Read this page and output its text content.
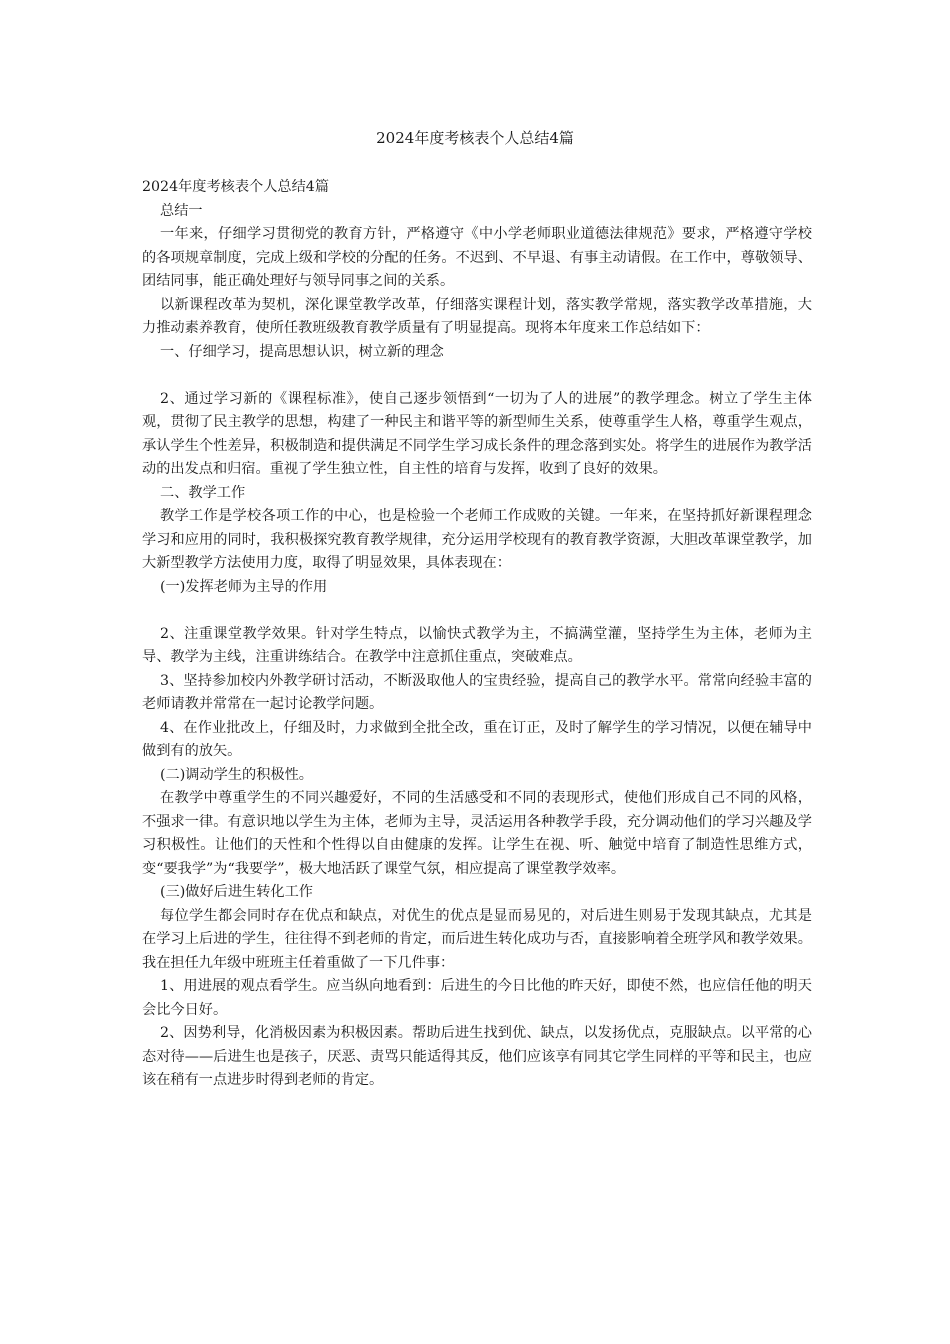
2024年度考核表个人总结4篇

2024年度考核表个人总结4篇

总结一

一年来，仔细学习贯彻党的教育方针，严格遵守《中小学老师职业道德法律规范》要求，严格遵守学校的各项规章制度，完成上级和学校的分配的任务。不迟到、不早退、有事主动请假。在工作中，尊敬领导、团结同事，能正确处理好与领导同事之间的关系。

以新课程改革为契机，深化课堂教学改革，仔细落实课程计划，落实教学常规，落实教学改革措施，大力推动素养教育，使所任教班级教育教学质量有了明显提高。现将本年度来工作总结如下：

一、仔细学习，提高思想认识，树立新的理念

2、通过学习新的《课程标准》，使自己逐步领悟到“一切为了人的进展”的教学理念。树立了学生主体观，贯彻了民主教学的思想，构建了一种民主和谐平等的新型师生关系，使尊重学生人格，尊重学生观点，承认学生个性差异，积极制造和提供满足不同学生学习成长条件的理念落到实处。将学生的进展作为教学活动的出发点和归宿。重视了学生独立性，自主性的培育与发挥，收到了良好的效果。

二、教学工作

教学工作是学校各项工作的中心，也是检验一个老师工作成败的关键。一年来，在坚持抓好新课程理念学习和应用的同时，我积极探究教育教学规律，充分运用学校现有的教育教学资源，大胆改革课堂教学，加大新型教学方法使用力度，取得了明显效果，具体表现在：

(一)发挥老师为主导的作用

2、注重课堂教学效果。针对学生特点，以愉快式教学为主，不搞满堂灌，坚持学生为主体，老师为主导、教学为主线，注重讲练结合。在教学中注意抓住重点，突破难点。

3、坚持参加校内外教学研讨活动，不断汲取他人的宝贵经验，提高自己的教学水平。常常向经验丰富的老师请教并常常在一起讨论教学问题。

4、在作业批改上，仔细及时，力求做到全批全改，重在订正，及时了解学生的学习情况，以便在辅导中做到有的放矢。

(二)调动学生的积极性。

在教学中尊重学生的不同兴趣爱好，不同的生活感受和不同的表现形式，使他们形成自己不同的风格，不强求一律。有意识地以学生为主体，老师为主导，灵活运用各种教学手段，充分调动他们的学习兴趣及学习积极性。让他们的天性和个性得以自由健康的发挥。让学生在视、听、触觉中培育了制造性思维方式，变“要我学”为“我要学”，极大地活跃了课堂气氛，相应提高了课堂教学效率。

(三)做好后进生转化工作

每位学生都会同时存在优点和缺点，对优生的优点是显而易见的，对后进生则易于发现其缺点，尤其是在学习上后进的学生，往往得不到老师的肯定，而后进生转化成功与否，直接影响着全班学风和教学效果。我在担任九年级中班班主任着重做了一下几件事：

1、用进展的观点看学生。应当纵向地看到：后进生的今日比他的昨天好，即使不然，也应信任他的明天会比今日好。

2、因势利导，化消极因素为积极因素。帮助后进生找到优、缺点，以发扬优点，克服缺点。以平常的心态对待——后进生也是孩子，厌恶、责骂只能适得其反，他们应该享有同其它学生同样的平等和民主，也应该在稍有一点进步时得到老师的肯定。
